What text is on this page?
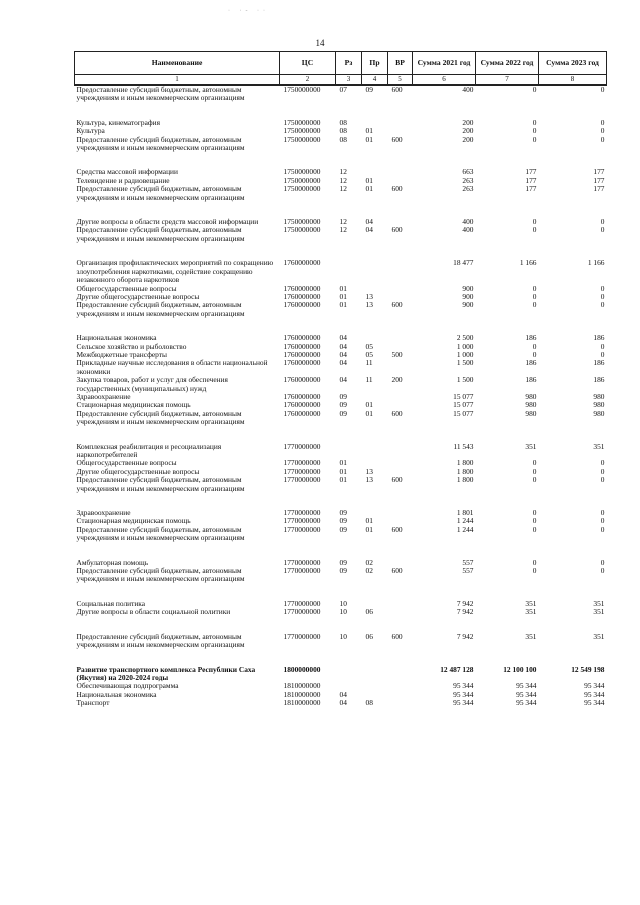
· ·‑ ··
14
Наименование	ЦС	Рз	Пр	ВР	Сумма 2021 год	Сумма 2022 год	Сумма 2023 год
1	2	3	4	5	6	7	8
Предоставление субсидий бюджетным, автономным учреждениям и иным некоммерческим организациям	1750000000	07	09	600	400	0	0

Культура, кинематография	1750000000	08			200	0	0
Культура	1750000000	08	01		200	0	0
Предоставление субсидий бюджетным, автономным учреждениям и иным некоммерческим организациям	1750000000	08	01	600	200	0	0

Средства массовой информации	1750000000	12			663	177	177
Телевидение и радиовещание	1750000000	12	01		263	177	177
Предоставление субсидий бюджетным, автономным учреждениям и иным некоммерческим организациям	1750000000	12	01	600	263	177	177

Другие вопросы в области средств массовой информации	1750000000	12	04		400	0	0
Предоставление субсидий бюджетным, автономным учреждениям и иным некоммерческим организациям	1750000000	12	04	600	400	0	0

Организация профилактических мероприятий по сокращению злоупотребления наркотиками, содействие сокращению незаконного оборота наркотиков	1760000000				18 477	1 166	1 166
Общегосударственные вопросы	1760000000	01			900	0	0
Другие общегосударственные вопросы	1760000000	01	13		900	0	0
Предоставление субсидий бюджетным, автономным учреждениям и иным некоммерческим организациям	1760000000	01	13	600	900	0	0

Национальная экономика	1760000000	04			2 500	186	186
Сельское хозяйство и рыболовство	1760000000	04	05		1 000	0	0
Межбюджетные трансферты	1760000000	04	05	500	1 000	0	0
Прикладные научные исследования в области национальной экономики	1760000000	04	11		1 500	186	186
Закупка товаров, работ и услуг для обеспечения государственных (муниципальных) нужд	1760000000	04	11	200	1 500	186	186
Здравоохранение	1760000000	09			15 077	980	980
Стационарная медицинская помощь	1760000000	09	01		15 077	980	980
Предоставление субсидий бюджетным, автономным учреждениям и иным некоммерческим организациям	1760000000	09	01	600	15 077	980	980

Комплексная реабилитация и ресоциализация наркопотребителей	1770000000				11 543	351	351
Общегосударственные вопросы	1770000000	01			1 800	0	0
Другие общегосударственные вопросы	1770000000	01	13		1 800	0	0
Предоставление субсидий бюджетным, автономным учреждениям и иным некоммерческим организациям	1770000000	01	13	600	1 800	0	0

Здравоохранение	1770000000	09			1 801	0	0
Стационарная медицинская помощь	1770000000	09	01		1 244	0	0
Предоставление субсидий бюджетным, автономным учреждениям и иным некоммерческим организациям	1770000000	09	01	600	1 244	0	0

Амбулаторная помощь	1770000000	09	02		557	0	0
Предоставление субсидий бюджетным, автономным учреждениям и иным некоммерческим организациям	1770000000	09	02	600	557	0	0

Социальная политика	1770000000	10			7 942	351	351
Другие вопросы в области социальной политики	1770000000	10	06		7 942	351	351

Предоставление субсидий бюджетным, автономным учреждениям и иным некоммерческим организациям	1770000000	10	06	600	7 942	351	351

Развитие транспортного комплекса Республики Саха (Якутия) на 2020-2024 годы	1800000000				12 487 128	12 100 100	12 549 198
Обеспечивающая подпрограмма	1810000000				95 344	95 344	95 344
Национальная экономика	1810000000	04			95 344	95 344	95 344
Транспорт	1810000000	04	08		95 344	95 344	95 344
